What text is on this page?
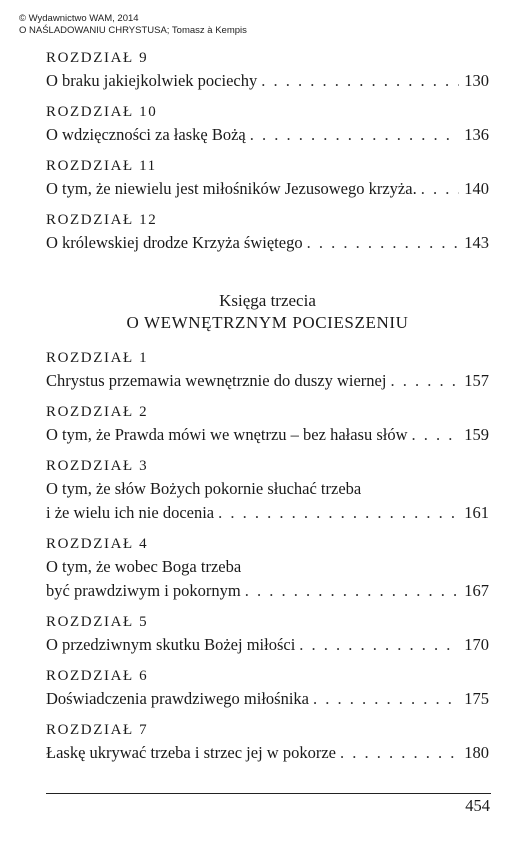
© Wydawnictwo WAM, 2014
O NAŚLADOWANIU CHRYSTUSA; Tomasz à Kempis
ROZDZIAŁ 9
O braku jakiejkolwiek pociechy . . .	130
ROZDZIAŁ 10
O wdzięczności za łaskę Bożą . . .	136
ROZDZIAŁ 11
O tym, że niewielu jest miłośników Jezusowego krzyża. . . .	140
ROZDZIAŁ 12
O królewskiej drodze Krzyża świętego . . .	143
Księga trzecia
O WEWNĘTRZNYM POCIESZENIU
ROZDZIAŁ 1
Chrystus przemawia wewnętrznie do duszy wiernej . . .	157
ROZDZIAŁ 2
O tym, że Prawda mówi we wnętrzu – bez hałasu słów . . .	159
ROZDZIAŁ 3
O tym, że słów Bożych pokornie słuchać trzeba
i że wielu ich nie docenia . . .	161
ROZDZIAŁ 4
O tym, że wobec Boga trzeba
być prawdziwym i pokornym . . .	167
ROZDZIAŁ 5
O przedziwnym skutku Bożej miłości . . .	170
ROZDZIAŁ 6
Doświadczenia prawdziwego miłośnika . . .	175
ROZDZIAŁ 7
Łaskę ukrywać trzeba i strzec jej w pokorze . . .	180
454
